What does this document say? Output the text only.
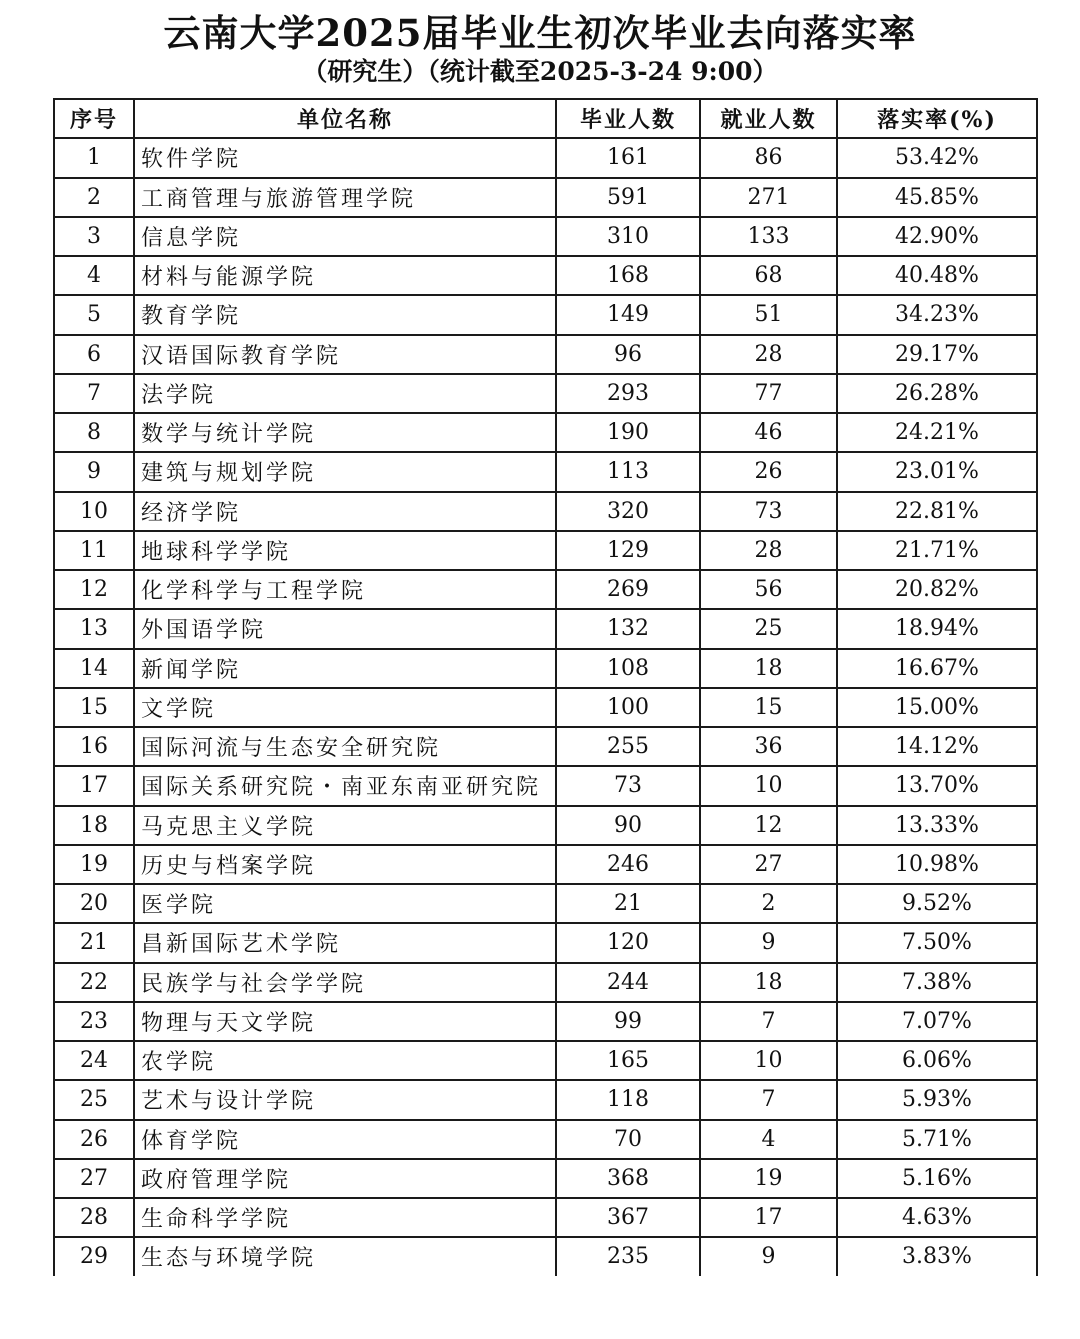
云南大学2025届毕业生初次毕业去向落实率
（研究生）（统计截至2025-3-24 9:00）
序号	单位名称	毕业人数	就业人数	落实率(%)
1	软件学院	161	86	53.42%
2	工商管理与旅游管理学院	591	271	45.85%
3	信息学院	310	133	42.90%
4	材料与能源学院	168	68	40.48%
5	教育学院	149	51	34.23%
6	汉语国际教育学院	96	28	29.17%
7	法学院	293	77	26.28%
8	数学与统计学院	190	46	24.21%
9	建筑与规划学院	113	26	23.01%
10	经济学院	320	73	22.81%
11	地球科学学院	129	28	21.71%
12	化学科学与工程学院	269	56	20.82%
13	外国语学院	132	25	18.94%
14	新闻学院	108	18	16.67%
15	文学院	100	15	15.00%
16	国际河流与生态安全研究院	255	36	14.12%
17	国际关系研究院・南亚东南亚研究院	73	10	13.70%
18	马克思主义学院	90	12	13.33%
19	历史与档案学院	246	27	10.98%
20	医学院	21	2	9.52%
21	昌新国际艺术学院	120	9	7.50%
22	民族学与社会学学院	244	18	7.38%
23	物理与天文学院	99	7	7.07%
24	农学院	165	10	6.06%
25	艺术与设计学院	118	7	5.93%
26	体育学院	70	4	5.71%
27	政府管理学院	368	19	5.16%
28	生命科学学院	367	17	4.63%
29	生态与环境学院	235	9	3.83%
